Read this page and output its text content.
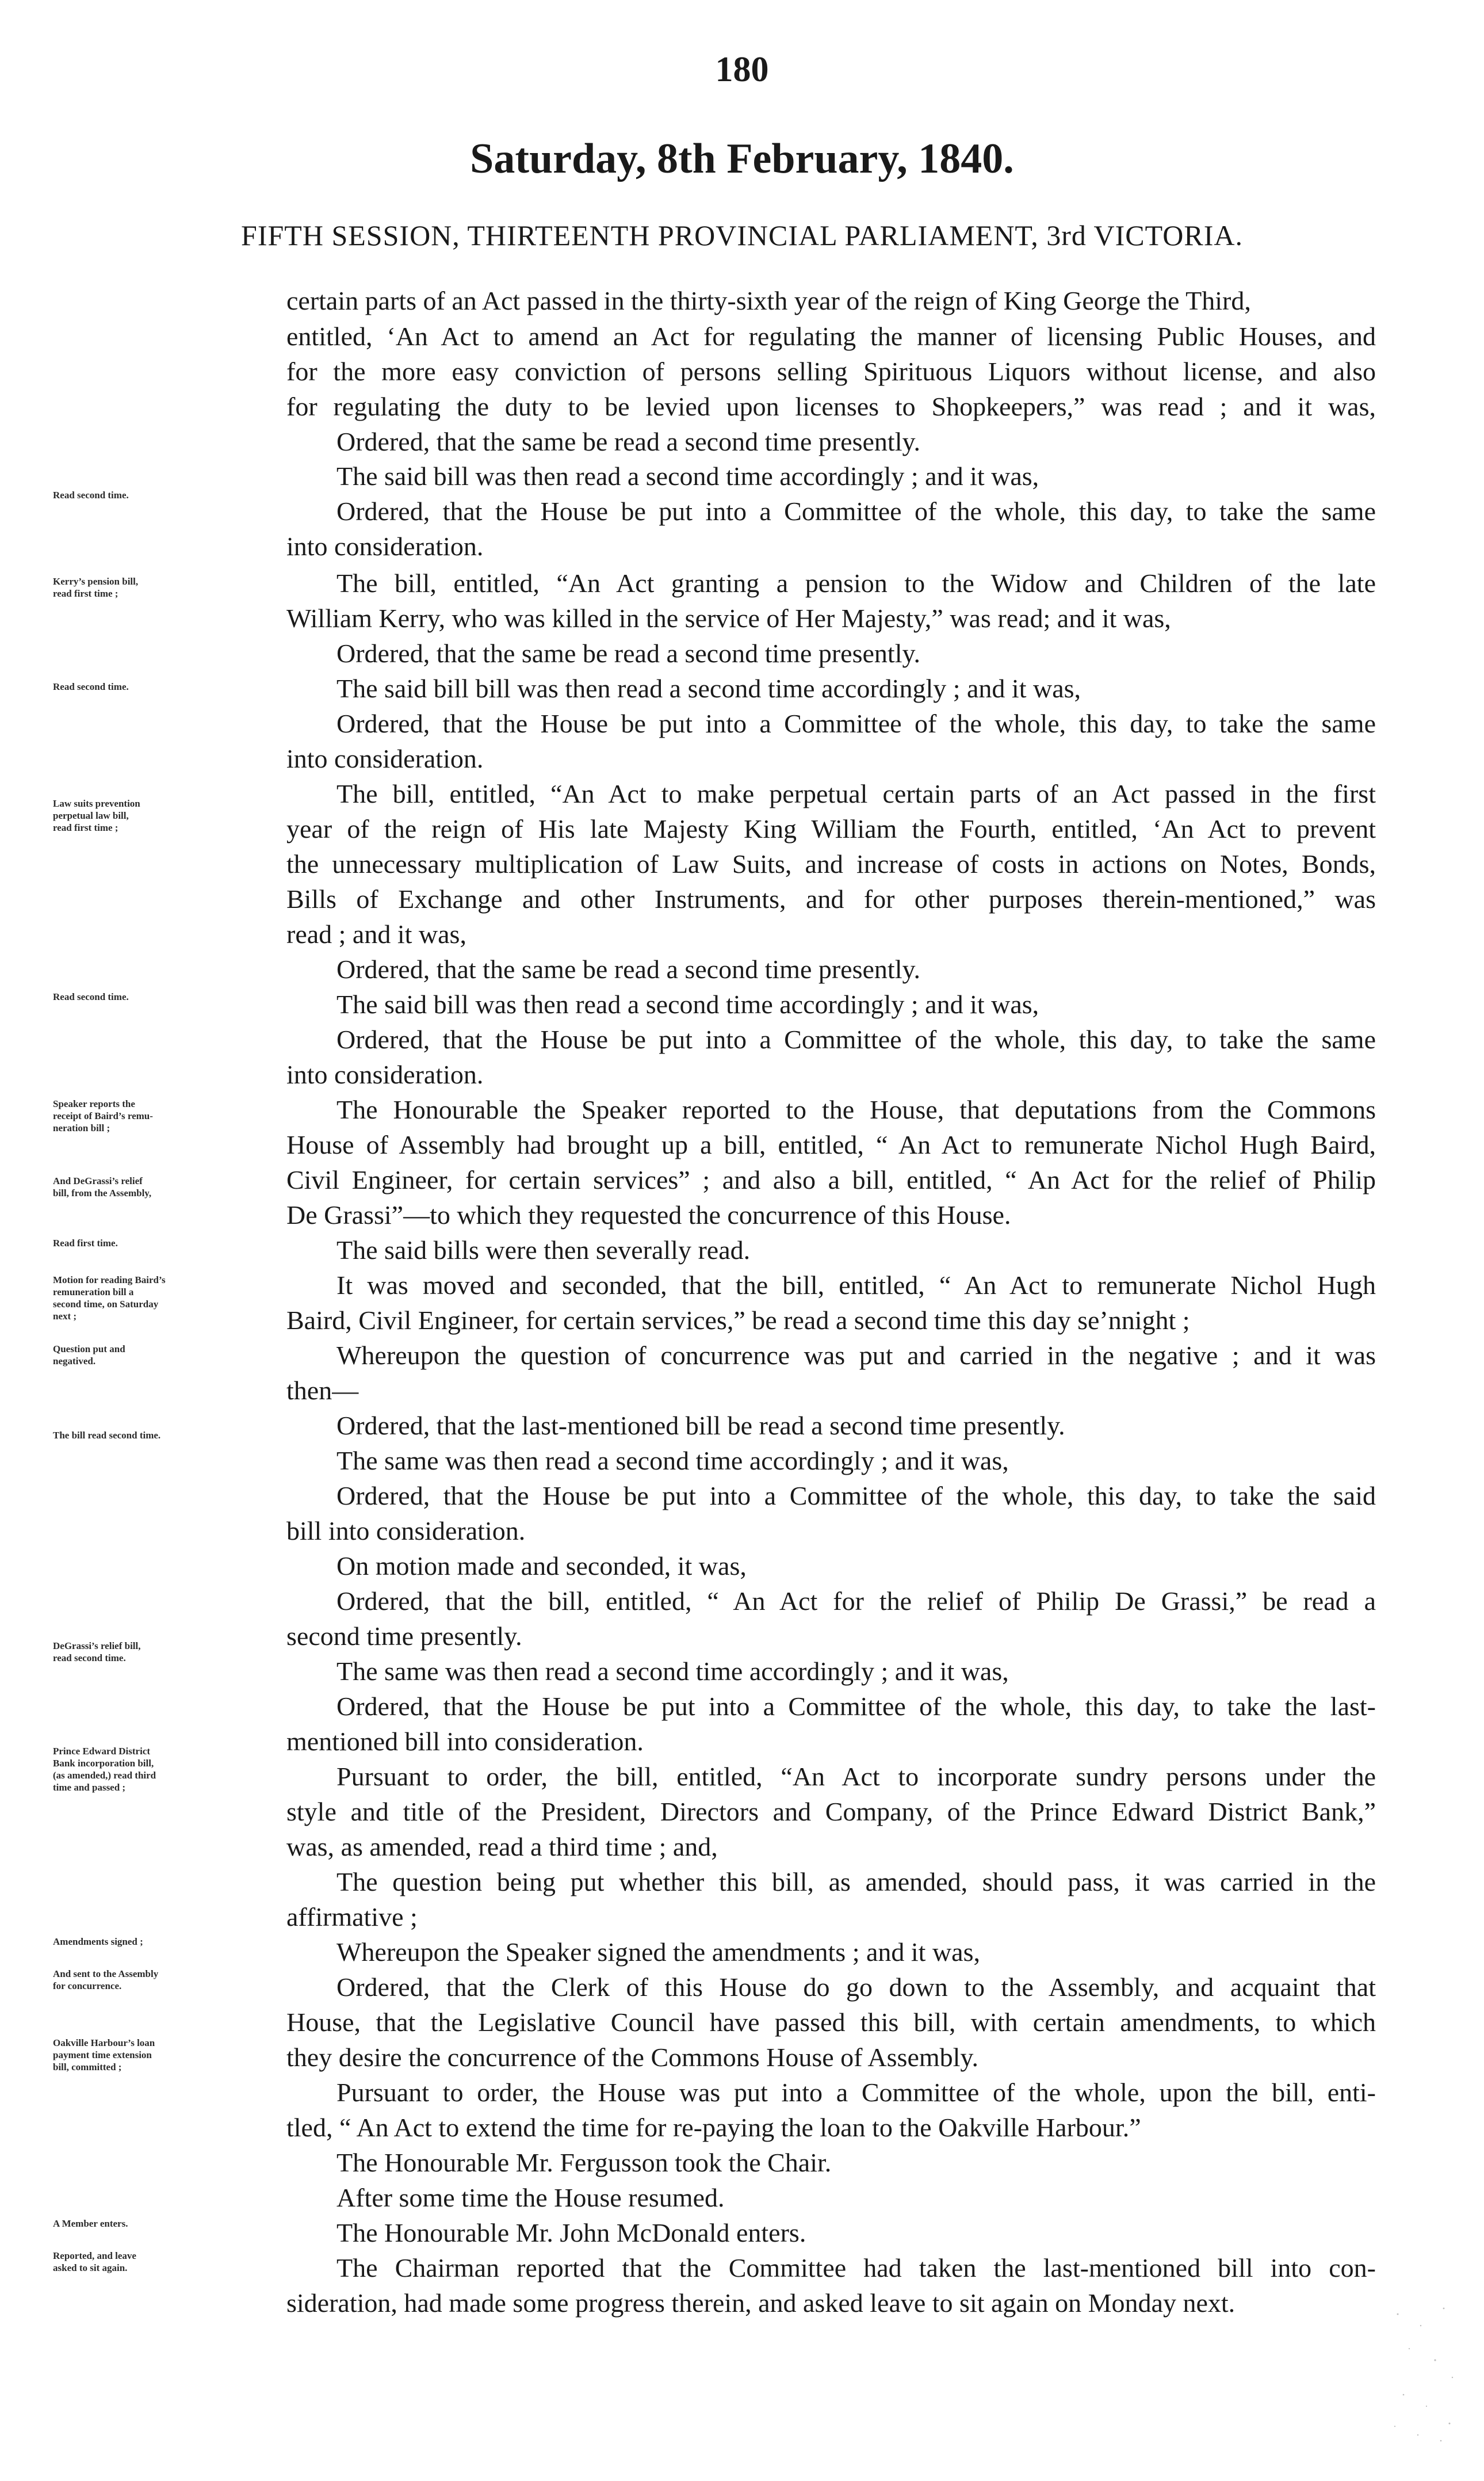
180
Saturday, 8th February, 1840.
FIFTH SESSION, THIRTEENTH PROVINCIAL PARLIAMENT, 3rd VICTORIA.
certain parts of an Act passed in the thirty-sixth year of the reign of King George the Third,
entitled, ‘An Act to amend an Act for regulating the manner of licensing Public Houses, and
for the more easy conviction of persons selling Spirituous Liquors without license, and also
for regulating the duty to be levied upon licenses to Shopkeepers,” was read ; and it was,
Ordered, that the same be read a second time presently.
The said bill was then read a second time accordingly ; and it was,
Ordered, that the House be put into a Committee of the whole, this day, to take the same
into consideration.
The bill, entitled, “An Act granting a pension to the Widow and Children of the late
William Kerry, who was killed in the service of Her Majesty,” was read; and it was,
Ordered, that the same be read a second time presently.
The said bill bill was then read a second time accordingly ; and it was,
Ordered, that the House be put into a Committee of the whole, this day, to take the same
into consideration.
The bill, entitled, “An Act to make perpetual certain parts of an Act passed in the first
year of the reign of His late Majesty King William the Fourth, entitled, ‘An Act to prevent
the unnecessary multiplication of Law Suits, and increase of costs in actions on Notes, Bonds,
Bills of Exchange and other Instruments, and for other purposes therein-mentioned,” was
read ; and it was,
Ordered, that the same be read a second time presently.
The said bill was then read a second time accordingly ; and it was,
Ordered, that the House be put into a Committee of the whole, this day, to take the same
into consideration.
The Honourable the Speaker reported to the House, that deputations from the Commons
House of Assembly had brought up a bill, entitled, “ An Act to remunerate Nichol Hugh Baird,
Civil Engineer, for certain services” ; and also a bill, entitled, “ An Act for the relief of Philip
De Grassi”—to which they requested the concurrence of this House.
The said bills were then severally read.
It was moved and seconded, that the bill, entitled, “ An Act to remunerate Nichol Hugh
Baird, Civil Engineer, for certain services,” be read a second time this day se’nnight ;
Whereupon the question of concurrence was put and carried in the negative ; and it was
then—
Ordered, that the last-mentioned bill be read a second time presently.
The same was then read a second time accordingly ; and it was,
Ordered, that the House be put into a Committee of the whole, this day, to take the said
bill into consideration.
On motion made and seconded, it was,
Ordered, that the bill, entitled, “ An Act for the relief of Philip De Grassi,” be read a
second time presently.
The same was then read a second time accordingly ; and it was,
Ordered, that the House be put into a Committee of the whole, this day, to take the last-
mentioned bill into consideration.
Pursuant to order, the bill, entitled, “An Act to incorporate sundry persons under the
style and title of the President, Directors and Company, of the Prince Edward District Bank,”
was, as amended, read a third time ; and,
The question being put whether this bill, as amended, should pass, it was carried in the
affirmative ;
Whereupon the Speaker signed the amendments ; and it was,
Ordered, that the Clerk of this House do go down to the Assembly, and acquaint that
House, that the Legislative Council have passed this bill, with certain amendments, to which
they desire the concurrence of the Commons House of Assembly.
Pursuant to order, the House was put into a Committee of the whole, upon the bill, enti-
tled, “ An Act to extend the time for re-paying the loan to the Oakville Harbour.”
The Honourable Mr. Fergusson took the Chair.
After some time the House resumed.
The Honourable Mr. John McDonald enters.
The Chairman reported that the Committee had taken the last-mentioned bill into con-
sideration, had made some progress therein, and asked leave to sit again on Monday next.
Read second time.
Kerry’s pension bill,
read first time ;
Read second time.
Law suits prevention
perpetual law bill,
read first time ;
Read second time.
Speaker reports the
receipt of Baird’s remu-
neration bill ;
And DeGrassi’s relief
bill, from the Assembly,
Read first time.
Motion for reading Baird’s
remuneration bill a
second time, on Saturday
next ;
Question put and
negatived.
The bill read second time.
DeGrassi’s relief bill,
read second time.
Prince Edward District
Bank incorporation bill,
(as amended,) read third
time and passed ;
Amendments signed ;
And sent to the Assembly
for concurrence.
Oakville Harbour’s loan
payment time extension
bill, committed ;
A Member enters.
Reported, and leave
asked to sit again.
